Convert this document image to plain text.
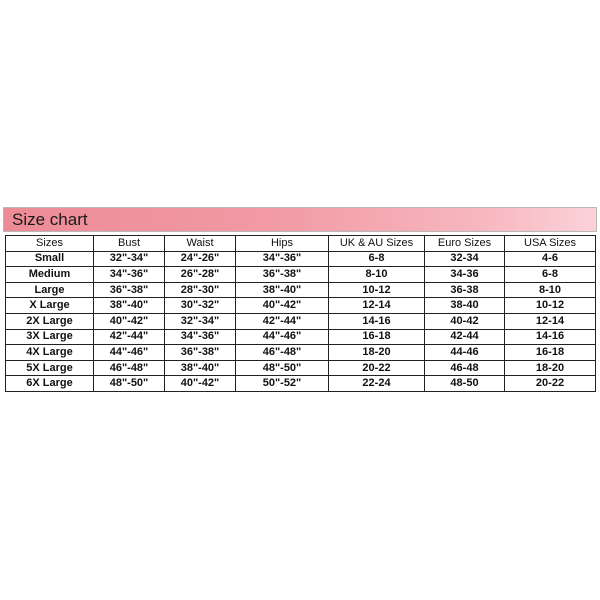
Size chart
Sizes	Bust	Waist	Hips	UK & AU Sizes	Euro Sizes	USA Sizes
Small	32"-34"	24"-26"	34"-36"	6-8	32-34	4-6
Medium	34"-36"	26"-28"	36"-38"	8-10	34-36	6-8
Large	36"-38"	28"-30"	38"-40"	10-12	36-38	8-10
X Large	38"-40"	30"-32"	40"-42"	12-14	38-40	10-12
2X Large	40"-42"	32"-34"	42"-44"	14-16	40-42	12-14
3X Large	42"-44"	34"-36"	44"-46"	16-18	42-44	14-16
4X Large	44"-46"	36"-38"	46"-48"	18-20	44-46	16-18
5X Large	46"-48"	38"-40"	48"-50"	20-22	46-48	18-20
6X Large	48"-50"	40"-42"	50"-52"	22-24	48-50	20-22
